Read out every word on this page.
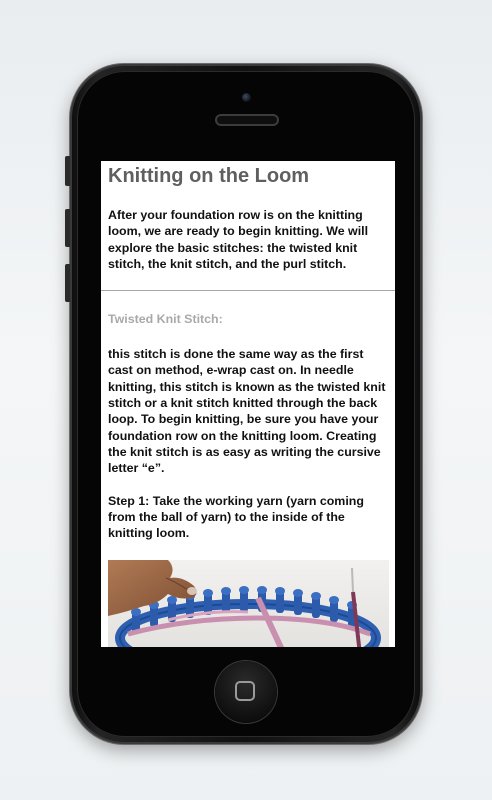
Knitting on the Loom

After your foundation row is on the knitting loom, we are ready to begin knitting. We will explore the basic stitches: the twisted knit stitch, the knit stitch, and the purl stitch.

Twisted Knit Stitch:

this stitch is done the same way as the first cast on method, e-wrap cast on. In needle knitting, this stitch is known as the twisted knit stitch or a knit stitch knitted through the back loop. To begin knitting, be sure you have your foundation row on the knitting loom. Creating the knit stitch is as easy as writing the cursive letter “e”.

Step 1: Take the working yarn (yarn coming from the ball of yarn) to the inside of the knitting loom.
